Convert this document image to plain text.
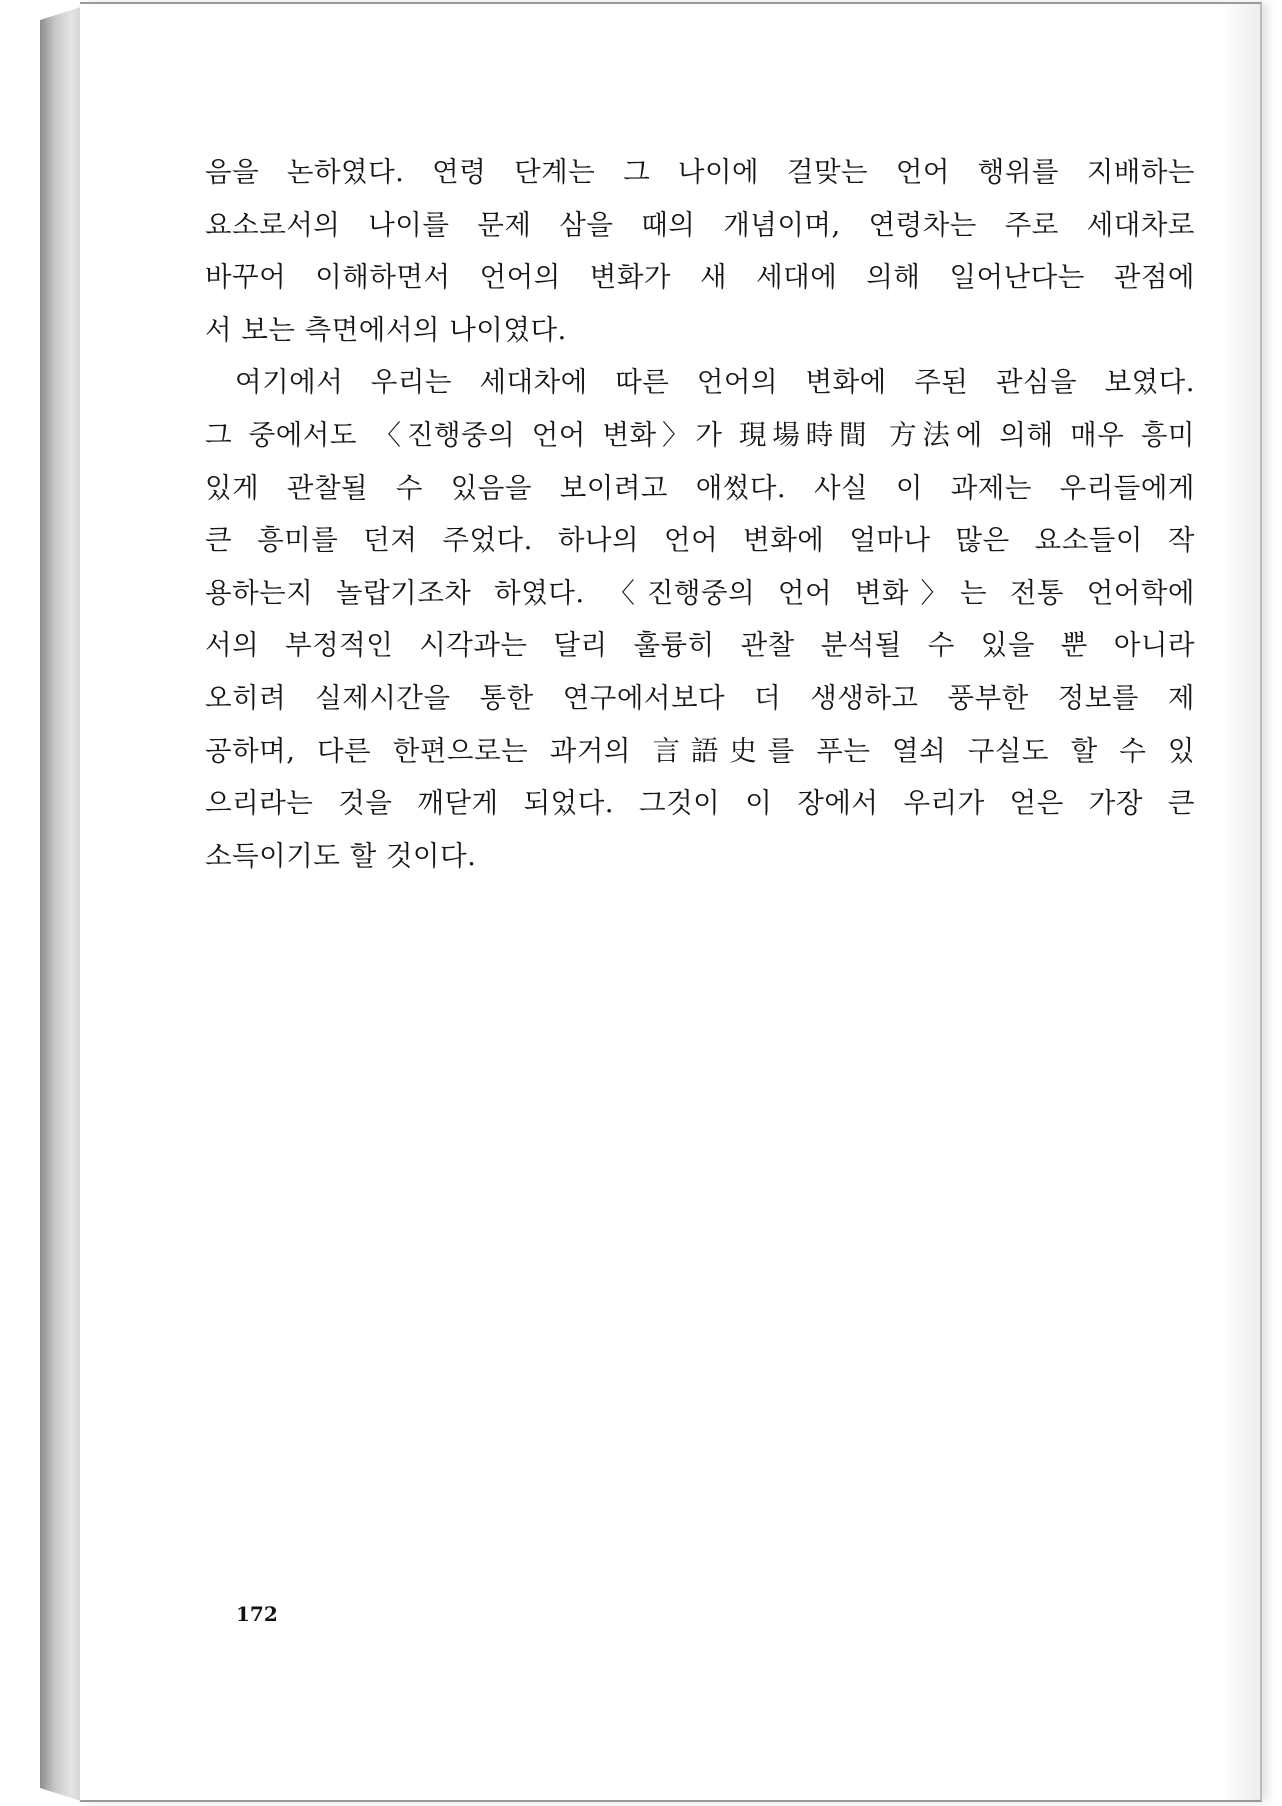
음을 논하였다. 연령 단계는 그 나이에 걸맞는 언어 행위를 지배하는
요소로서의 나이를 문제 삼을 때의 개념이며, 연령차는 주로 세대차로
바꾸어 이해하면서 언어의 변화가 새 세대에 의해 일어난다는 관점에
서 보는 측면에서의 나이였다.
여기에서 우리는 세대차에 따른 언어의 변화에 주된 관심을 보였다.
그 중에서도 〈진행중의 언어 변화〉가 現場時間 方法에 의해 매우 흥미
있게 관찰될 수 있음을 보이려고 애썼다. 사실 이 과제는 우리들에게
큰 흥미를 던져 주었다. 하나의 언어 변화에 얼마나 많은 요소들이 작
용하는지 놀랍기조차 하였다. 〈진행중의 언어 변화〉는 전통 언어학에
서의 부정적인 시각과는 달리 훌륭히 관찰 분석될 수 있을 뿐 아니라
오히려 실제시간을 통한 연구에서보다 더 생생하고 풍부한 정보를 제
공하며, 다른 한편으로는 과거의 言語史를 푸는 열쇠 구실도 할 수 있
으리라는 것을 깨닫게 되었다. 그것이 이 장에서 우리가 얻은 가장 큰
소득이기도 할 것이다.
172
